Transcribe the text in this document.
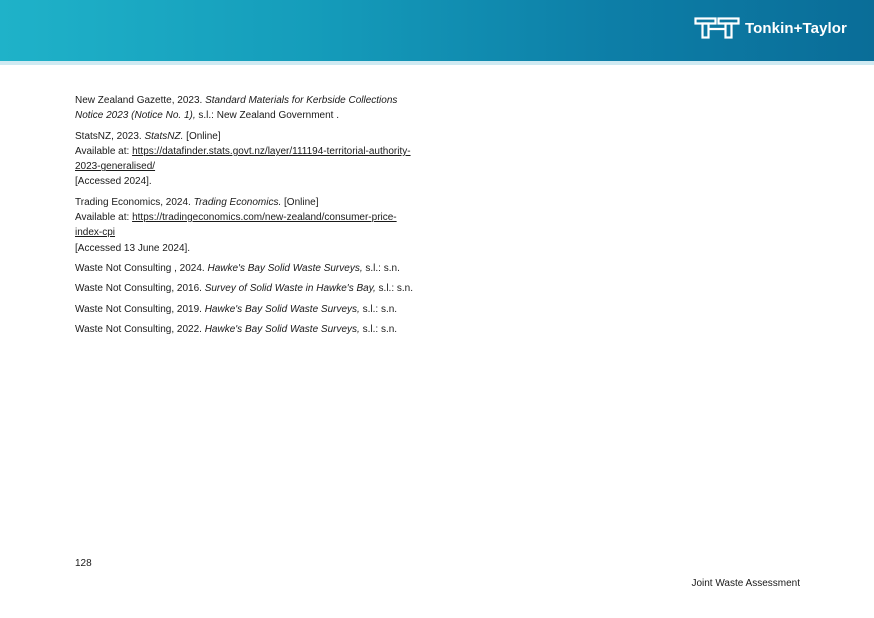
Tonkin+Taylor

New Zealand Gazette, 2023. Standard Materials for Kerbside Collections Notice 2023 (Notice No. 1), s.l.: New Zealand Government .

StatsNZ, 2023. StatsNZ. [Online]
Available at: https://datafinder.stats.govt.nz/layer/111194-territorial-authority-2023-generalised/
[Accessed 2024].

Trading Economics, 2024. Trading Economics. [Online]
Available at: https://tradingeconomics.com/new-zealand/consumer-price-index-cpi
[Accessed 13 June 2024].

Waste Not Consulting , 2024. Hawke's Bay Solid Waste Surveys, s.l.: s.n.

Waste Not Consulting, 2016. Survey of Solid Waste in Hawke's Bay, s.l.: s.n.

Waste Not Consulting, 2019. Hawke's Bay Solid Waste Surveys, s.l.: s.n.

Waste Not Consulting, 2022. Hawke's Bay Solid Waste Surveys, s.l.: s.n.

128
Joint Waste Assessment
